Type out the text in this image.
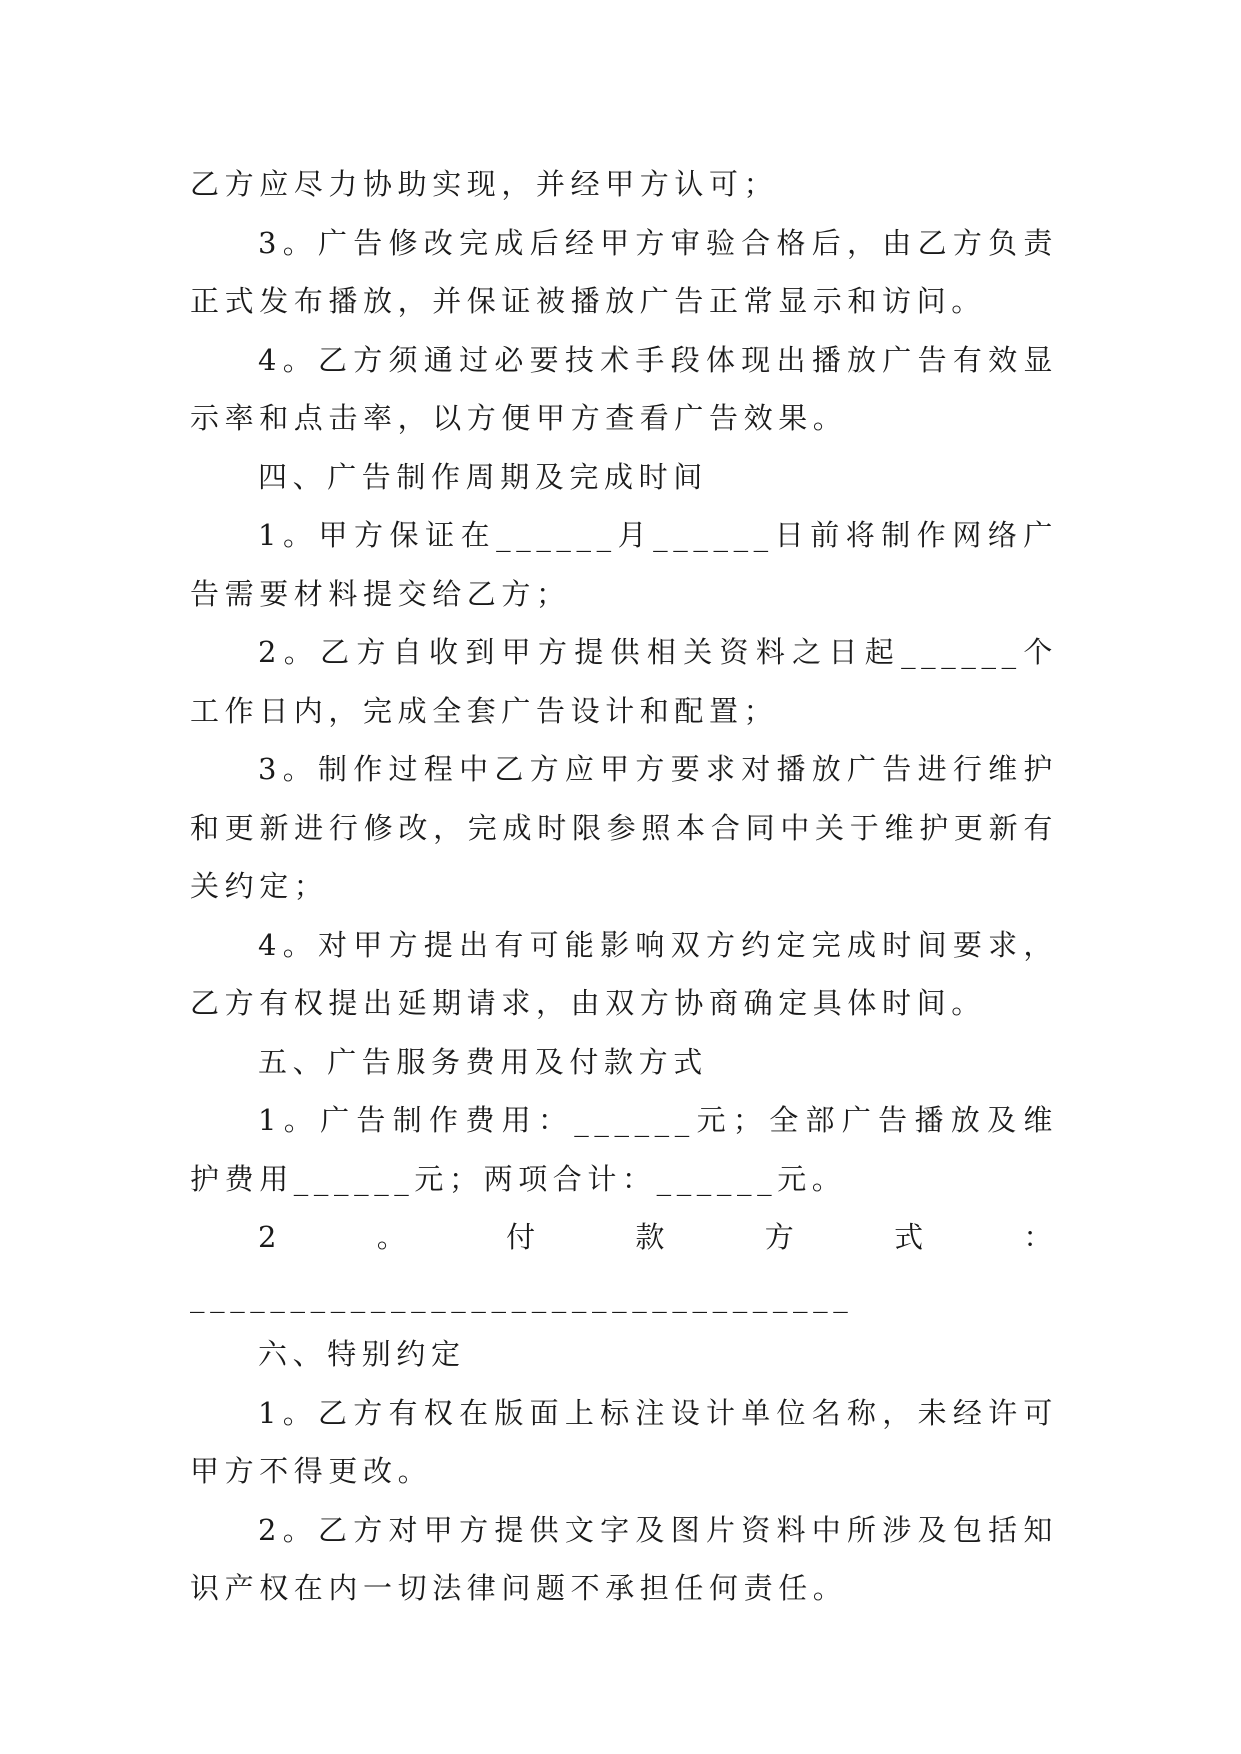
乙方应尽力协助实现，并经甲方认可；

3。广告修改完成后经甲方审验合格后，由乙方负责正式发布播放，并保证被播放广告正常显示和访问。

4。乙方须通过必要技术手段体现出播放广告有效显示率和点击率，以方便甲方查看广告效果。

四、广告制作周期及完成时间

1。甲方保证在______月______日前将制作网络广告需要材料提交给乙方；

2。乙方自收到甲方提供相关资料之日起______个工作日内，完成全套广告设计和配置；

3。制作过程中乙方应甲方要求对播放广告进行维护和更新进行修改，完成时限参照本合同中关于维护更新有关约定；

4。对甲方提出有可能影响双方约定完成时间要求，乙方有权提出延期请求，由双方协商确定具体时间。

五、广告服务费用及付款方式

1。广告制作费用：______元；全部广告播放及维护费用______元；两项合计：______元。

2。付款方式：_________________________________

六、特别约定

1。乙方有权在版面上标注设计单位名称，未经许可甲方不得更改。

2。乙方对甲方提供文字及图片资料中所涉及包括知识产权在内一切法律问题不承担任何责任。
